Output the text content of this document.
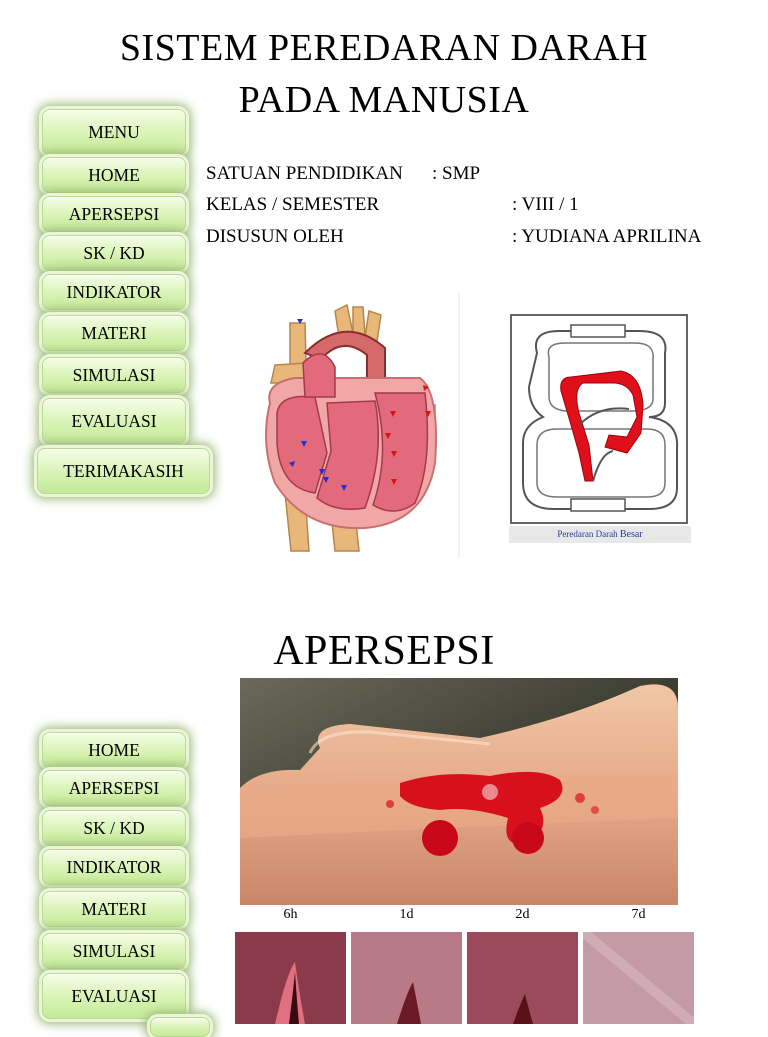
SISTEM PEREDARAN DARAH
PADA MANUSIA
MENU
HOME
APERSEPSI
SK / KD
INDIKATOR
MATERI
SIMULASI
EVALUASI
TERIMAKASIH
SATUAN PENDIDIKAN : SMP
KELAS / SEMESTER	: VIII / 1
DISUSUN OLEH	: YUDIANA APRILINA
Peredaran Darah Besar
APERSEPSI
HOME
APERSEPSI
SK / KD
INDIKATOR
MATERI
SIMULASI
EVALUASI
6h	1d	2d	7d
